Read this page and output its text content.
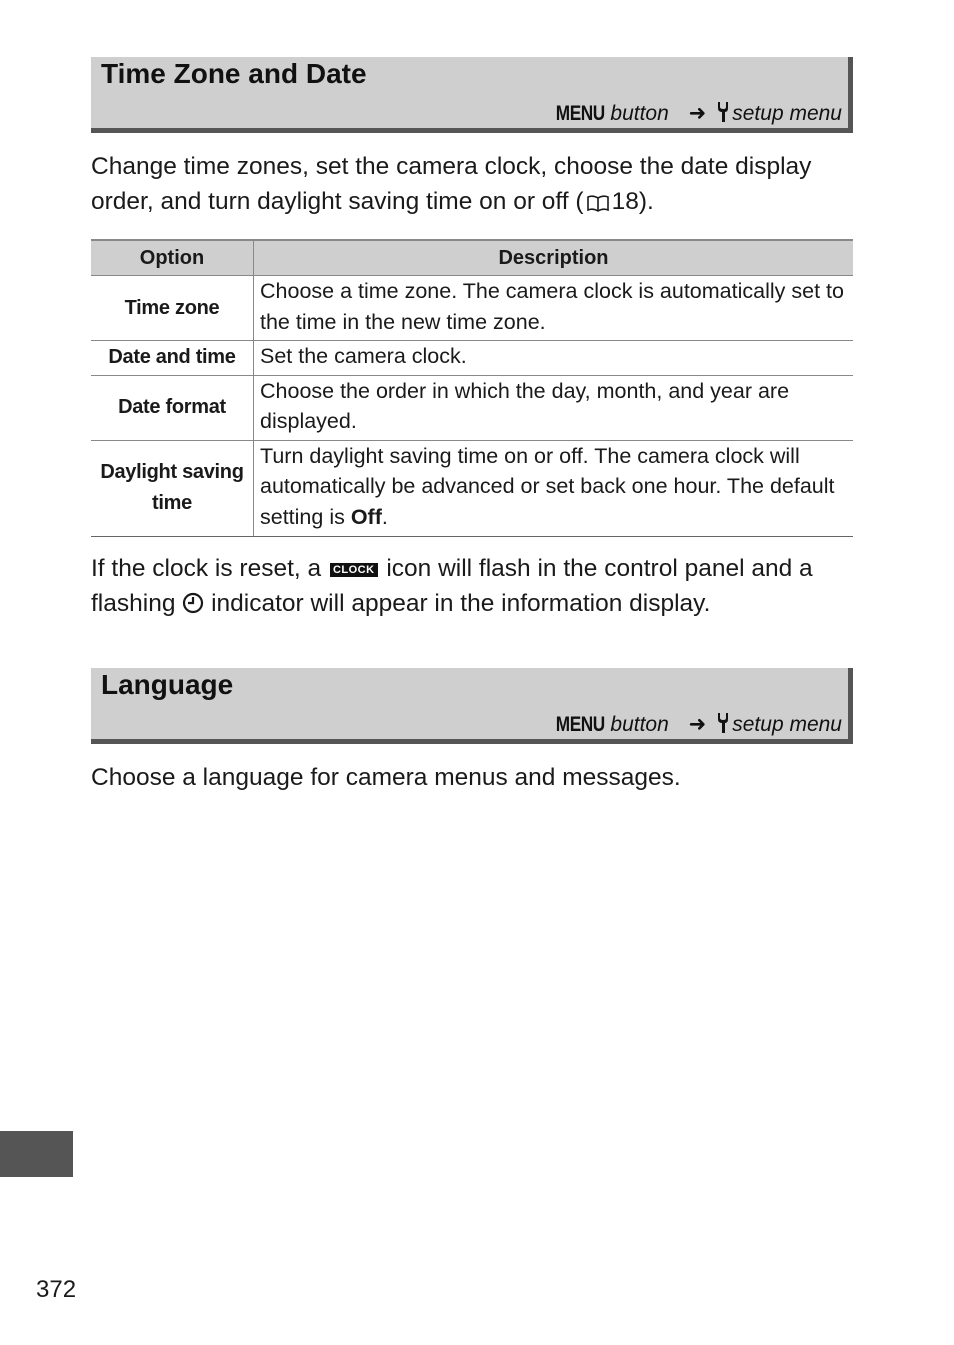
Time Zone and Date
MENU button ➜ setup menu
Change time zones, set the camera clock, choose the date display order, and turn daylight saving time on or off ( 18).
Option	Description
Time zone	Choose a time zone. The camera clock is automatically set to the time in the new time zone.
Date and time	Set the camera clock.
Date format	Choose the order in which the day, month, and year are displayed.
Daylight saving time	Turn daylight saving time on or off. The camera clock will automatically be advanced or set back one hour. The default setting is Off.
If the clock is reset, a CLOCK icon will flash in the control panel and a flashing  indicator will appear in the information display.
Language
MENU button ➜ setup menu
Choose a language for camera menus and messages.
372
